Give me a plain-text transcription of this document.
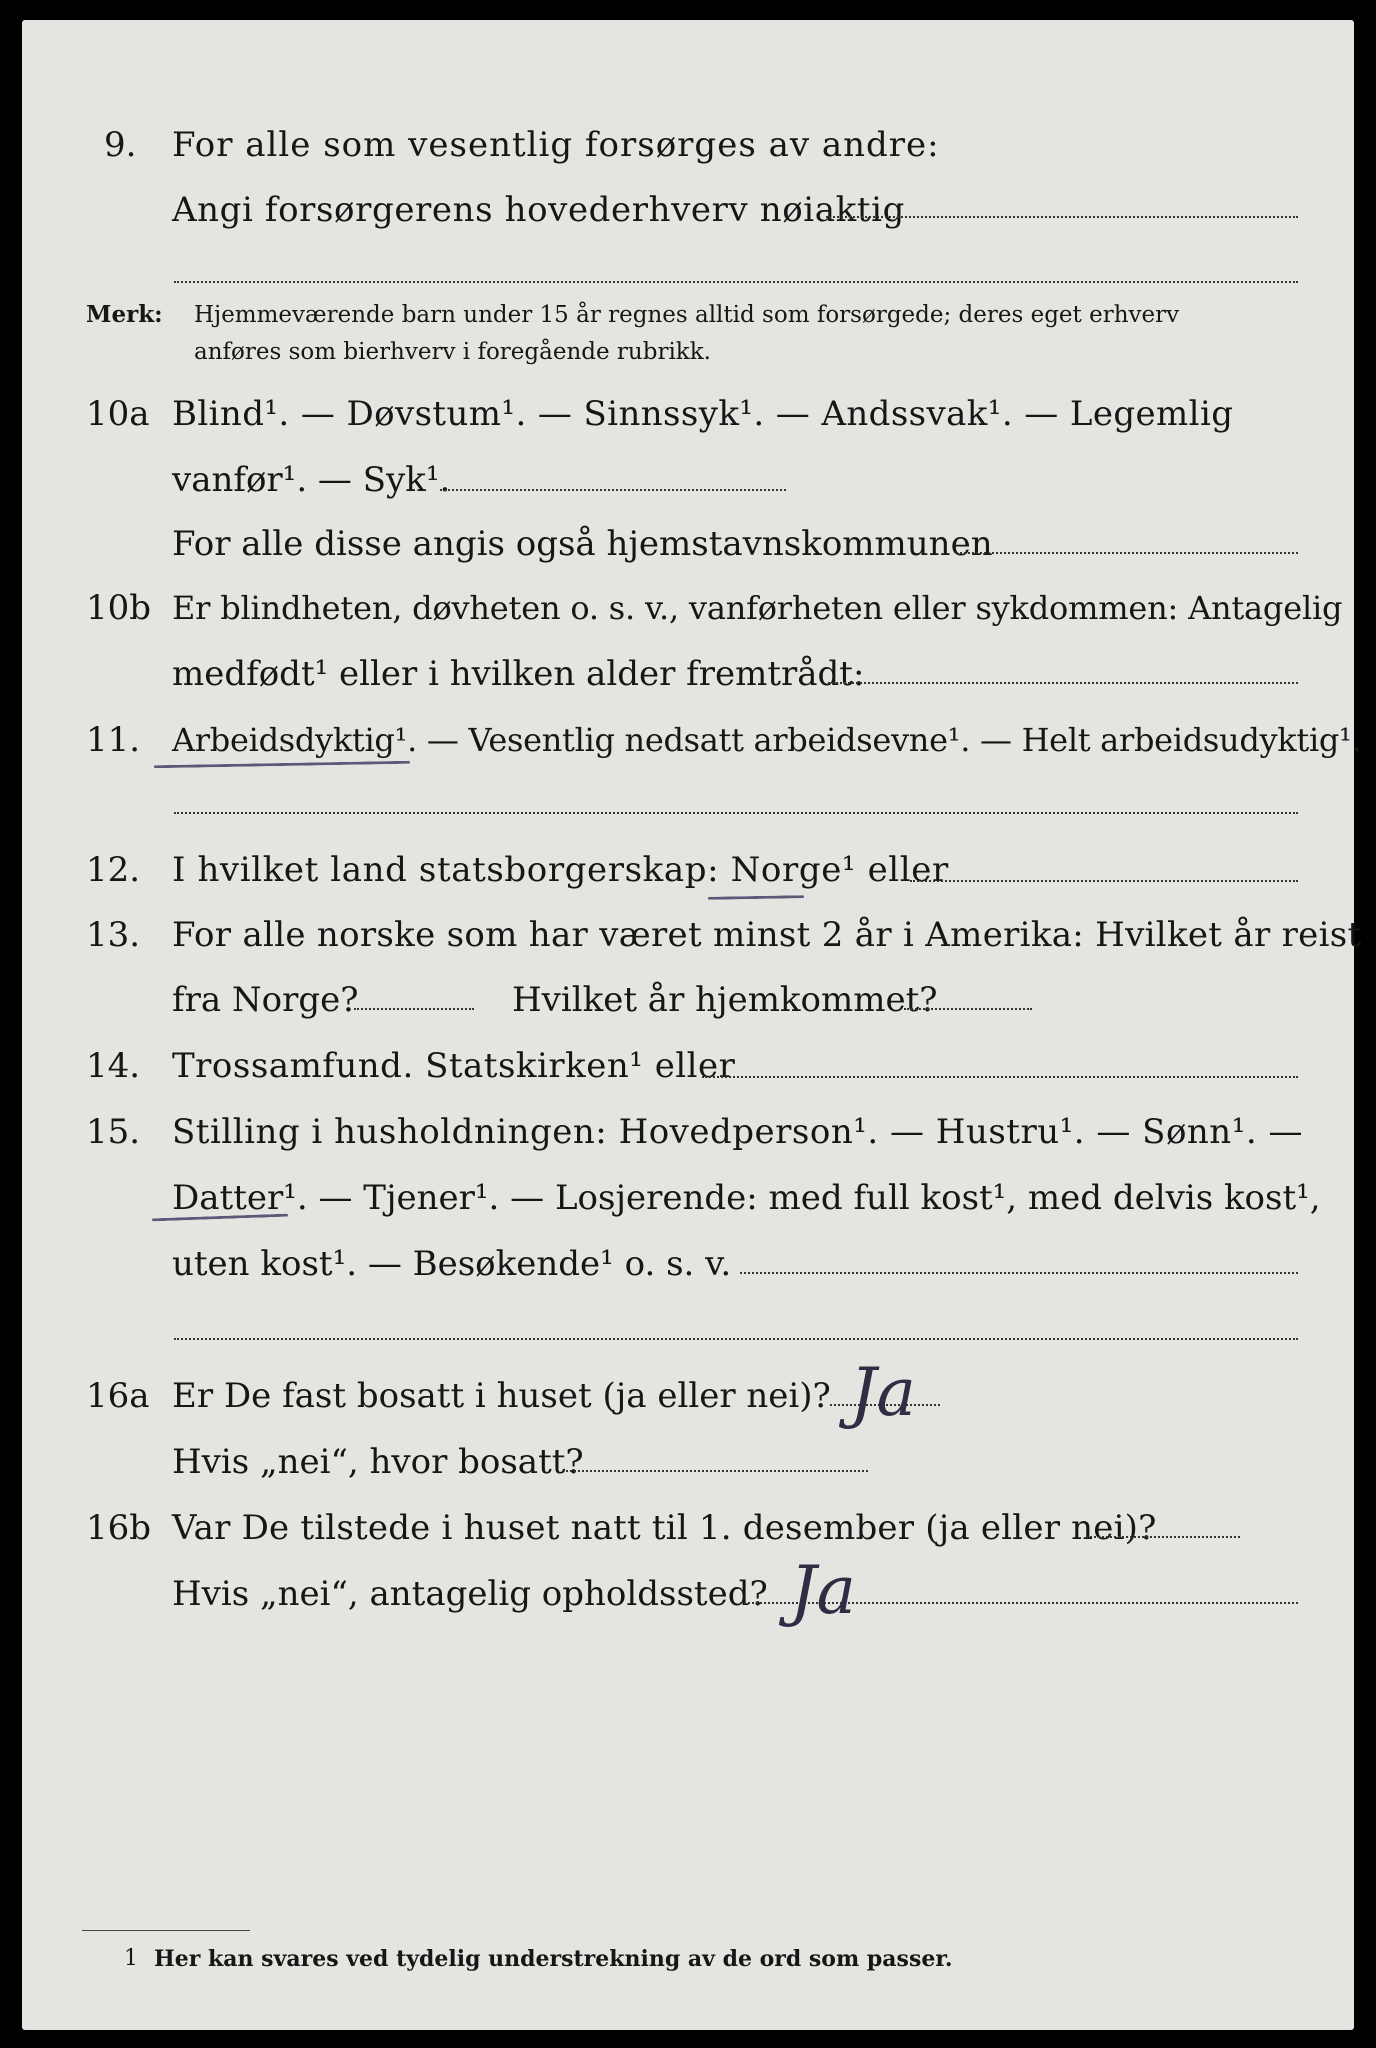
9. For alle som vesentlig forsørges av andre:
Angi forsørgerens hovederhverv nøiaktig
Merk: Hjemmeværende barn under 15 år regnes alltid som forsørgede; deres eget erhverv
anføres som bierhverv i foregående rubrikk.
10a Blind¹. — Døvstum¹. — Sinnssyk¹. — Andssvak¹. — Legemlig
vanfør¹. — Syk¹.
For alle disse angis også hjemstavnskommunen
10b Er blindheten, døvheten o. s. v., vanførheten eller sykdommen: Antagelig
medfødt¹ eller i hvilken alder fremtrådt:
11. Arbeidsdyktig¹. — Vesentlig nedsatt arbeidsevne¹. — Helt arbeidsudyktig¹.
12. I hvilket land statsborgerskap: Norge¹ eller
13. For alle norske som har været minst 2 år i Amerika: Hvilket år reist
fra Norge?	Hvilket år hjemkommet?
14. Trossamfund. Statskirken¹ eller
15. Stilling i husholdningen: Hovedperson¹. — Hustru¹. — Sønn¹. —
Datter¹. — Tjener¹. — Losjerende: med full kost¹, med delvis kost¹,
uten kost¹. — Besøkende¹ o. s. v.
16a Er De fast bosatt i huset (ja eller nei)? Ja
Hvis „nei“, hvor bosatt?
16b Var De tilstede i huset natt til 1. desember (ja eller nei)?
Hvis „nei“, antagelig opholdssted? Ja
1 Her kan svares ved tydelig understrekning av de ord som passer.
